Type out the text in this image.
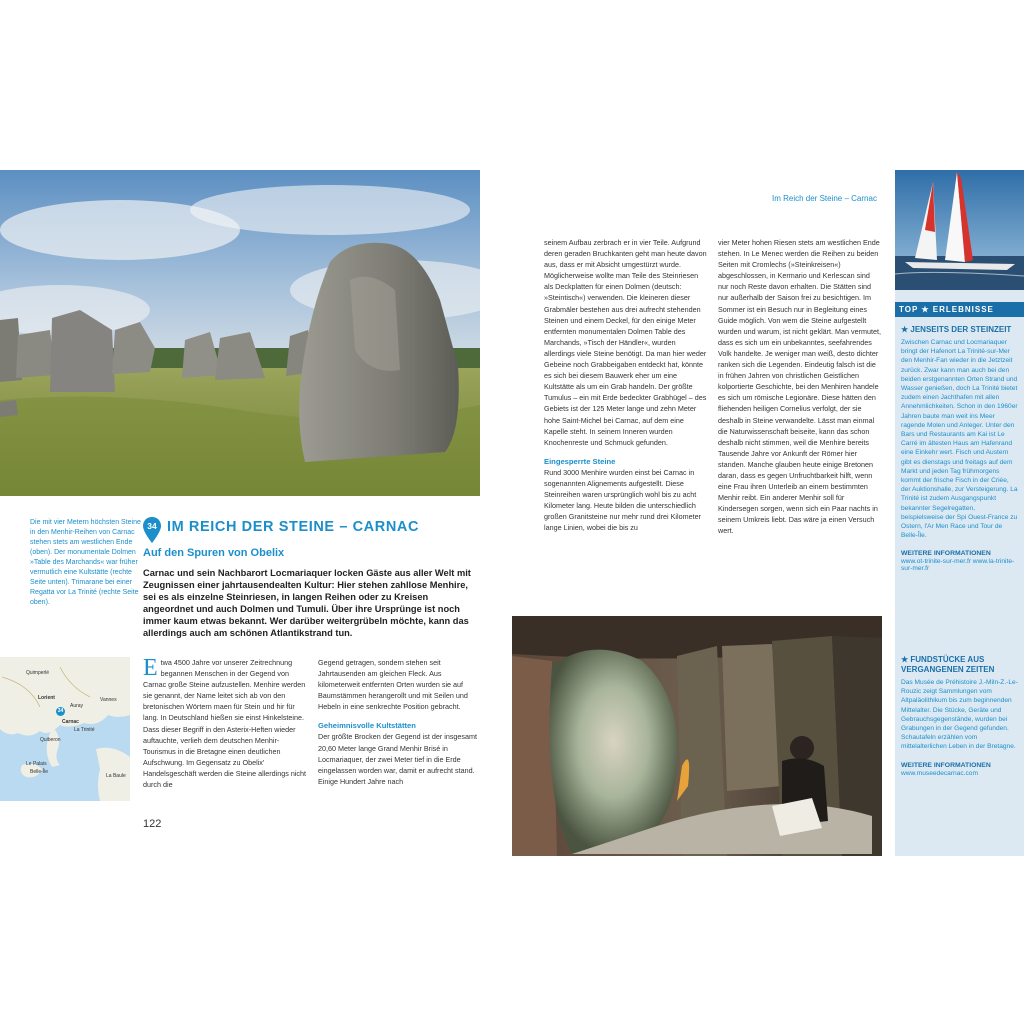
Die mit vier Metern höchsten Steine in den Menhir-Reihen von Carnac stehen stets am westlichen Ende (oben). Der monumentale Dolmen »Table des Marchands« war früher vermutlich eine Kultstätte (rechte Seite unten). Trimarane bei einer Regatta vor La Trinité (rechte Seite oben).
34 IM REICH DER STEINE – CARNAC
Auf den Spuren von Obelix
Carnac und sein Nachbarort Locmariaquer locken Gäste aus aller Welt mit Zeugnissen einer jahrtausendealten Kultur: Hier stehen zahllose Menhire, sei es als einzelne Steinriesen, in langen Reihen oder zu Kreisen angeordnet und auch Dolmen und Tumuli. Über ihre Ursprünge ist noch immer kaum etwas bekannt. Wer darüber weitergrübeln möchte, kann das allerdings auch am schönen Atlantikstrand tun.
Quimperlé
Lorient
Auray
Vannes
Carnac
La Trinité
Quiberon
Le Palais
Belle-Île
La Baule
34
Etwa 4500 Jahre vor unserer Zeitrechnung begannen Menschen in der Gegend von Carnac große Steine aufzustellen. Menhire werden sie genannt, der Name leitet sich ab von den bretonischen Wörtern maen für Stein und hir für lang. In Deutschland hießen sie einst Hinkelsteine. Dass dieser Begriff in den Asterix-Heften wieder auftauchte, verlieh dem deutschen Menhir-Tourismus in die Bretagne einen deutlichen Aufschwung. Im Gegensatz zu Obelix' Handelsgeschäft werden die Steine allerdings nicht durch die

Gegend getragen, sondern stehen seit Jahrtausenden am gleichen Fleck. Aus kilometerweit entfernten Orten wurden sie auf Baumstämmen herangerollt und mit Seilen und Hebeln in eine senkrechte Position gebracht.

Geheimnisvolle Kultstätten

Der größte Brocken der Gegend ist der insgesamt 20,60 Meter lange Grand Menhir Brisé in Locmariaquer, der zwei Meter tief in die Erde eingelassen worden war, damit er aufrecht stand. Einige Hundert Jahre nach

122
Im Reich der Steine – Carnac

seinem Aufbau zerbrach er in vier Teile. Aufgrund deren geraden Bruchkanten geht man heute davon aus, dass er mit Absicht umgestürzt wurde. Möglicherweise wollte man Teile des Steinriesen als Deckplatten für einen Dolmen (deutsch: »Steintisch«) verwenden. Die kleineren dieser Grabmäler bestehen aus drei aufrecht stehenden Steinen und einem Deckel, für den einige Meter entfernten monumentalen Dolmen Table des Marchands, »Tisch der Händler«, wurden allerdings viele Steine benötigt. Da man hier weder Gebeine noch Grabbeigaben entdeckt hat, könnte es sich bei diesem Bauwerk eher um eine Kultstätte als um ein Grab handeln. Der größte Tumulus – ein mit Erde bedeckter Grabhügel – des Gebiets ist der 125 Meter lange und zehn Meter hohe Saint-Michel bei Carnac, auf dem eine Kapelle steht. In seinem Inneren wurden Knochenreste und Schmuck gefunden.

Eingesperrte Steine

Rund 3000 Menhire wurden einst bei Carnac in sogenannten Alignements aufgestellt. Diese Steinreihen waren ursprünglich wohl bis zu acht Kilometer lang. Heute bilden die unterschiedlich großen Granitsteine nur mehr rund drei Kilometer lange Linien, wobei die bis zu

vier Meter hohen Riesen stets am westlichen Ende stehen. In Le Menec werden die Reihen zu beiden Seiten mit Cromlechs (»Steinkreisen«) abgeschlossen, in Kermario und Kerlescan sind nur noch Reste davon erhalten. Die Stätten sind nur außerhalb der Saison frei zu besichtigen. Im Sommer ist ein Besuch nur in Begleitung eines Guide möglich. Von wem die Steine aufgestellt wurden und warum, ist nicht geklärt. Man vermutet, dass es sich um ein unbekanntes, seefahrendes Volk handelte. Je weniger man weiß, desto dichter ranken sich die Legenden. Eindeutig falsch ist die in frühen Jahren von christlichen Geistlichen kolportierte Geschichte, bei den Menhiren handele es sich um römische Legionäre. Diese hätten den fliehenden heiligen Cornelius verfolgt, der sie deshalb in Steine verwandelte. Lässt man einmal die Naturwissenschaft beiseite, kann das schon deshalb nicht stimmen, weil die Menhire bereits Tausende Jahre vor Ankunft der Römer hier standen. Manche glauben heute einige Bretonen daran, dass es gegen Unfruchtbarkeit hilft, wenn eine Frau ihren Unterleib an einem bestimmten Menhir reibt. Ein anderer Menhir soll für Kindersegen sorgen, wenn sich ein Paar nachts in seinem Umkreis liebt. Das wäre ja einen Versuch wert.

TOP ★ ERLEBNISSE
★ JENSEITS DER STEINZEIT
Zwischen Carnac und Locmariaquer bringt der Hafenort La Trinité-sur-Mer den Menhir-Fan wieder in die Jetztzeit zurück. Zwar kann man auch bei den beiden erstgenannten Orten Strand und Wasser genießen, doch La Trinité bietet zudem einen Jachthafen mit allen Annehmlichkeiten. Schon in den 1960er Jahren baute man weit ins Meer ragende Molen und Anleger. Unter den Bars und Restaurants am Kai ist Le Carré im ältesten Haus am Hafenrand eine Einkehr wert. Fisch und Austern gibt es dienstags und freitags auf dem Markt und jeden Tag frühmorgens kommt der frische Fisch in der Criée, der Auktionshalle, zur Versteigerung. La Trinité ist zudem Ausgangspunkt bekannter Segelregatten, beispielsweise der Spi Ouest-France zu Ostern, l'Ar Men Race und Tour de Belle-Île.
WEITERE INFORMATIONEN
www.ot-trinite-sur-mer.fr www.la-trinite-sur-mer.fr
★ FUNDSTÜCKE AUS VERGANGENEN ZEITEN
Das Musée de Préhistoire J.-Miln-Z.-Le-Rouzic zeigt Sammlungen vom Altpaläolithikum bis zum beginnenden Mittelalter. Die Stücke, Geräte und Gebrauchsgegenstände, wurden bei Grabungen in der Gegend gefunden. Schautafeln erzählen vom mittelalterlichen Leben in der Bretagne.
WEITERE INFORMATIONEN
www.museedecarnac.com
